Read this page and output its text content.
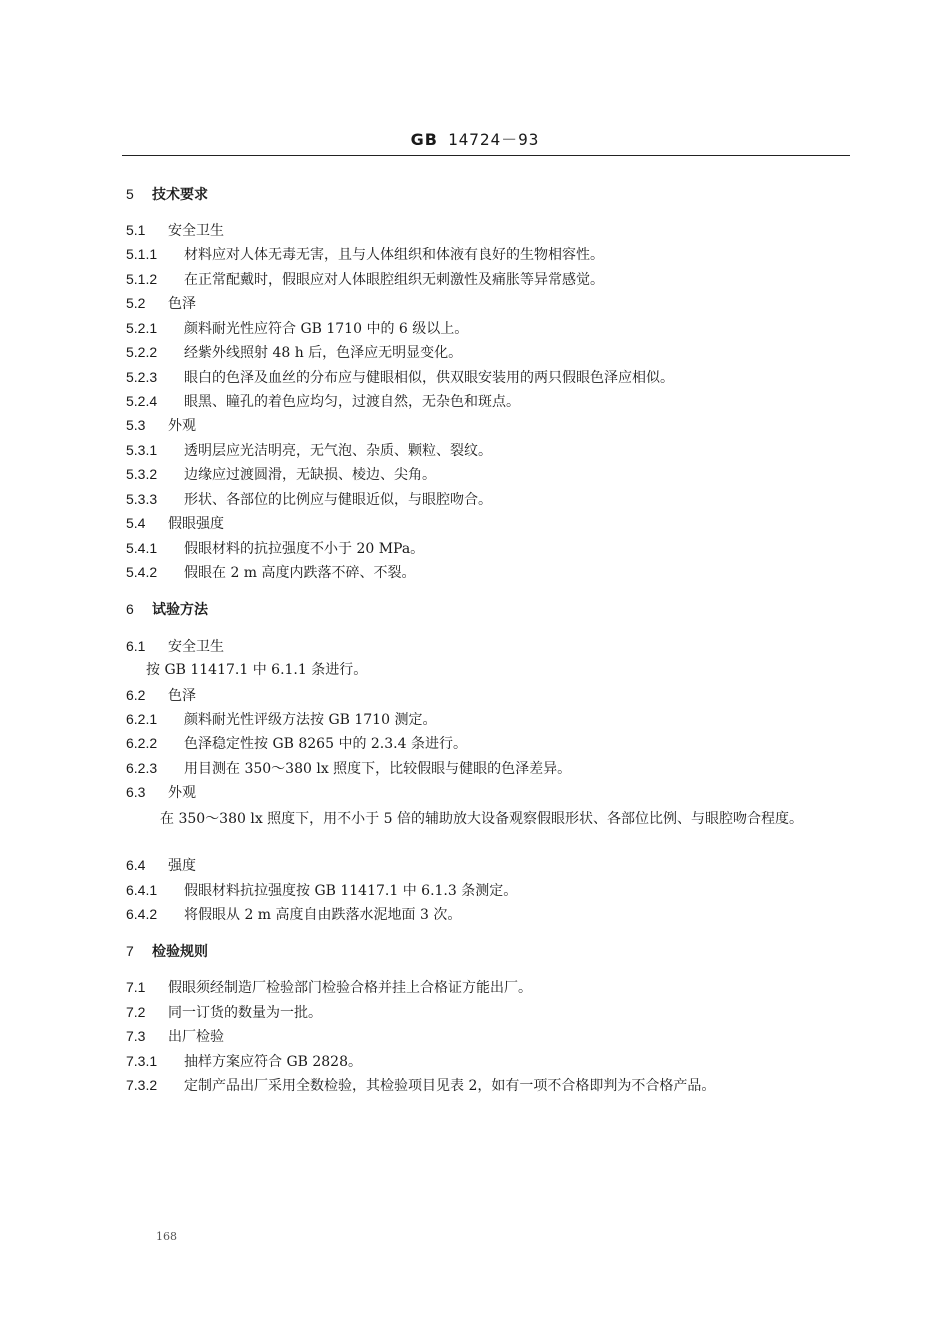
GB 14724－93
5 技术要求
5.1 安全卫生
5.1.1 材料应对人体无毒无害，且与人体组织和体液有良好的生物相容性。
5.1.2 在正常配戴时，假眼应对人体眼腔组织无刺激性及痛胀等异常感觉。
5.2 色泽
5.2.1 颜料耐光性应符合 GB 1710 中的 6 级以上。
5.2.2 经紫外线照射 48 h 后，色泽应无明显变化。
5.2.3 眼白的色泽及血丝的分布应与健眼相似，供双眼安装用的两只假眼色泽应相似。
5.2.4 眼黑、瞳孔的着色应均匀，过渡自然，无杂色和斑点。
5.3 外观
5.3.1 透明层应光洁明亮，无气泡、杂质、颗粒、裂纹。
5.3.2 边缘应过渡圆滑，无缺损、棱边、尖角。
5.3.3 形状、各部位的比例应与健眼近似，与眼腔吻合。
5.4 假眼强度
5.4.1 假眼材料的抗拉强度不小于 20 MPa。
5.4.2 假眼在 2 m 高度内跌落不碎、不裂。
6 试验方法
6.1 安全卫生
按 GB 11417.1 中 6.1.1 条进行。
6.2 色泽
6.2.1 颜料耐光性评级方法按 GB 1710 测定。
6.2.2 色泽稳定性按 GB 8265 中的 2.3.4 条进行。
6.2.3 用目测在 350～380 lx 照度下，比较假眼与健眼的色泽差异。
6.3 外观
在 350～380 lx 照度下，用不小于 5 倍的辅助放大设备观察假眼形状、各部位比例、与眼腔吻合程度。
6.4 强度
6.4.1 假眼材料抗拉强度按 GB 11417.1 中 6.1.3 条测定。
6.4.2 将假眼从 2 m 高度自由跌落水泥地面 3 次。
7 检验规则
7.1 假眼须经制造厂检验部门检验合格并挂上合格证方能出厂。
7.2 同一订货的数量为一批。
7.3 出厂检验
7.3.1 抽样方案应符合 GB 2828。
7.3.2 定制产品出厂采用全数检验，其检验项目见表 2，如有一项不合格即判为不合格产品。
168
